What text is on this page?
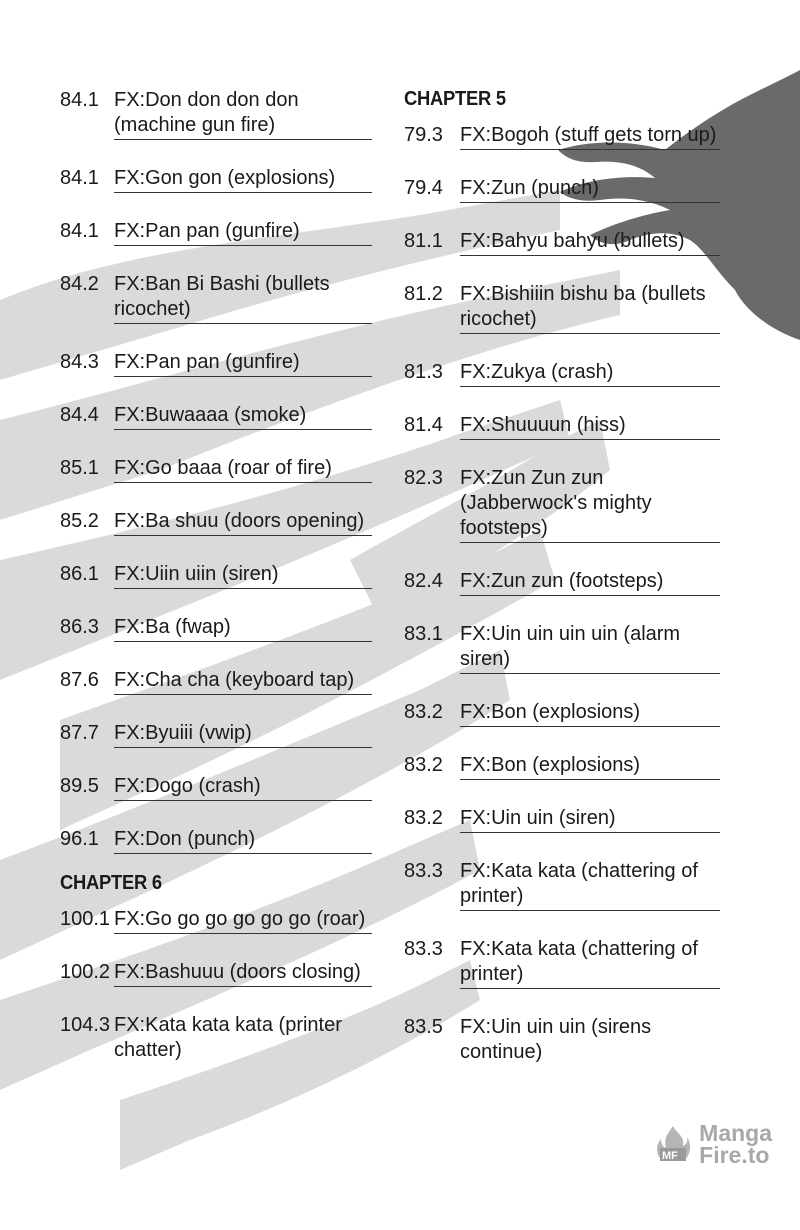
84.1 FX:Don don don don (machine gun fire)
84.1 FX:Gon gon (explosions)
84.1 FX:Pan pan (gunfire)
84.2 FX:Ban Bi Bashi (bullets ricochet)
84.3 FX:Pan pan (gunfire)
84.4 FX:Buwaaaa (smoke)
85.1 FX:Go baaa (roar of fire)
85.2 FX:Ba shuu (doors opening)
86.1 FX:Uiin uiin (siren)
86.3 FX:Ba (fwap)
87.6 FX:Cha cha (keyboard tap)
87.7 FX:Byuiii (vwip)
89.5 FX:Dogo (crash)
96.1 FX:Don (punch)
CHAPTER 6
100.1 FX:Go go go go go go (roar)
100.2 FX:Bashuuu (doors closing)
104.3 FX:Kata kata kata (printer chatter)
CHAPTER 5
79.3 FX:Bogoh (stuff gets torn up)
79.4 FX:Zun (punch)
81.1 FX:Bahyu bahyu (bullets)
81.2 FX:Bishiiin bishu ba (bullets ricochet)
81.3 FX:Zukya (crash)
81.4 FX:Shuuuun (hiss)
82.3 FX:Zun Zun zun (Jabberwock's mighty footsteps)
82.4 FX:Zun zun (footsteps)
83.1 FX:Uin uin uin uin (alarm siren)
83.2 FX:Bon (explosions)
83.2 FX:Bon (explosions)
83.2 FX:Uin uin (siren)
83.3 FX:Kata kata (chattering of printer)
83.3 FX:Kata kata (chattering of printer)
83.5 FX:Uin uin uin (sirens continue)
MF
Manga
Fire.to
